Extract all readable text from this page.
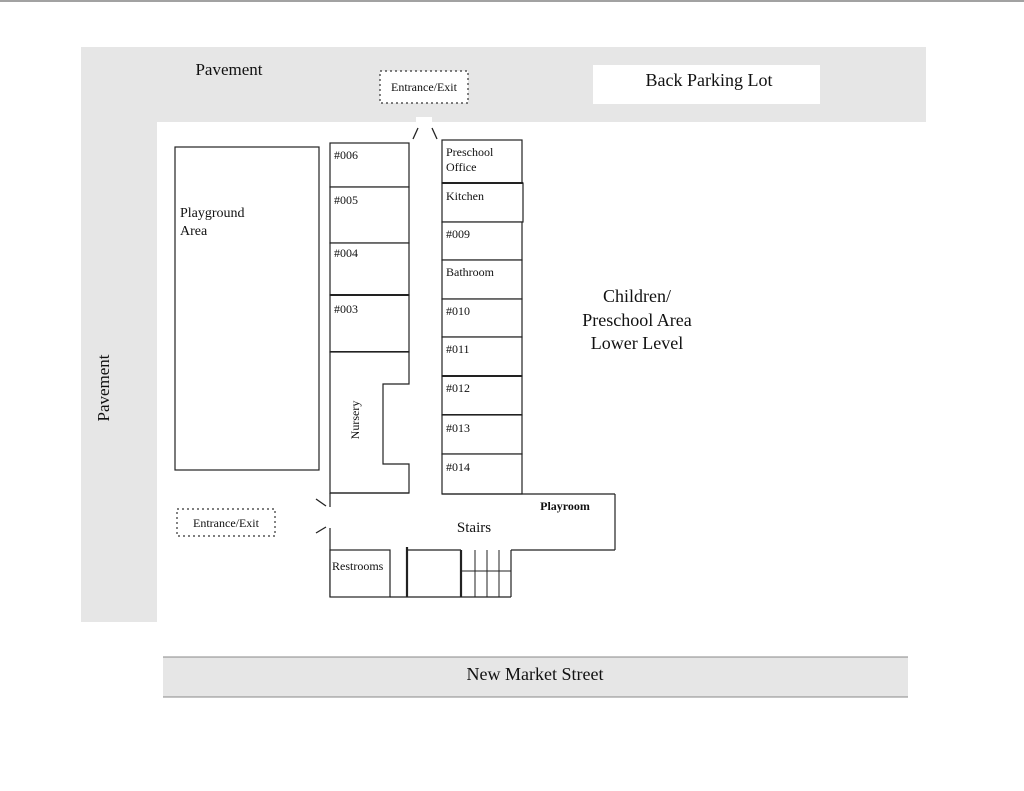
New Market Street
Pavement
Pavement
Back Parking Lot
Entrance/Exit
Playground
Area
Entrance/Exit
#006
#005
#004
#003
Nursery
Preschool
Office
Kitchen
#009
Bathroom
#010
#011
#012
#013
#014
Stairs
Playroom
Restrooms
Children/
Preschool Area
Lower Level
